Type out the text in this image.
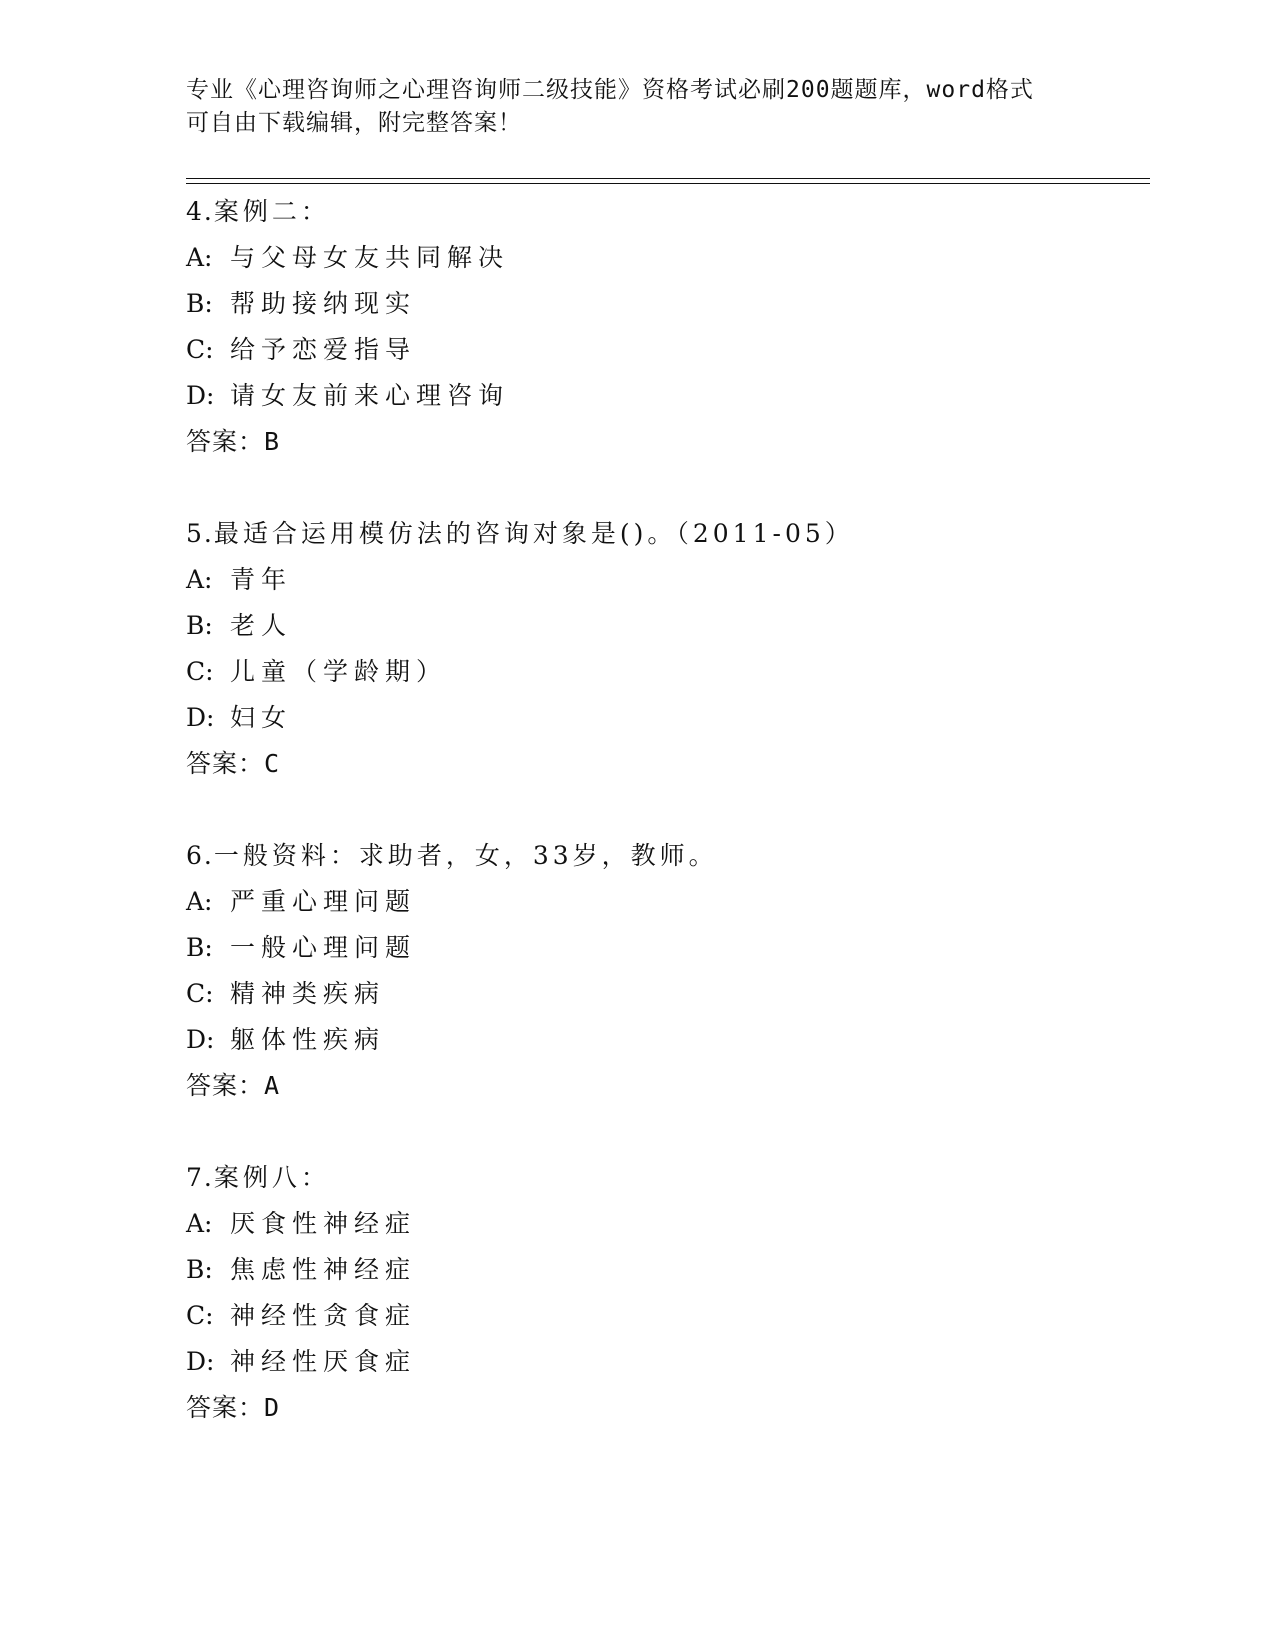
专业《心理咨询师之心理咨询师二级技能》资格考试必刷200题题库，word格式
可自由下载编辑，附完整答案！
4.案例二：
A: 与父母女友共同解决
B: 帮助接纳现实
C: 给予恋爱指导
D: 请女友前来心理咨询
答案：B
5.最适合运用模仿法的咨询对象是()。（2011-05）
A: 青年
B: 老人
C: 儿童（学龄期）
D: 妇女
答案：C
6.一般资料：求助者，女，33岁，教师。
A: 严重心理问题
B: 一般心理问题
C: 精神类疾病
D: 躯体性疾病
答案：A
7.案例八：
A: 厌食性神经症
B: 焦虑性神经症
C: 神经性贪食症
D: 神经性厌食症
答案：D
